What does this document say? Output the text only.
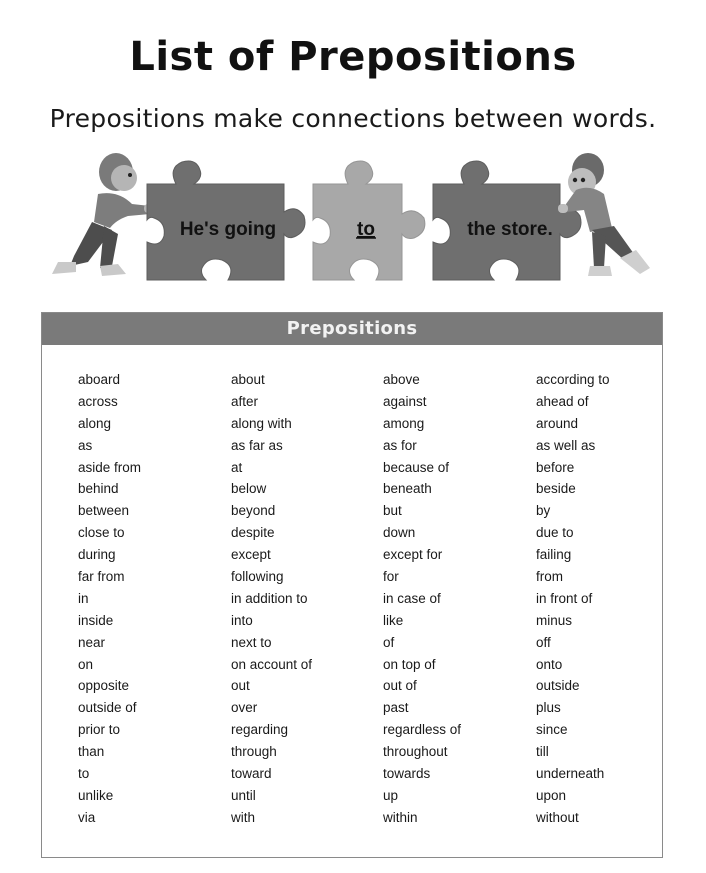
List of Prepositions
Prepositions make connections between words.
He's going	to	the store.
Prepositions
aboard
across
along
as
aside from
behind
between
close to
during
far from
in
inside
near
on
opposite
outside of
prior to
than
to
unlike
via
about
after
along with
as far as
at
below
beyond
despite
except
following
in addition to
into
next to
on account of
out
over
regarding
through
toward
until
with
above
against
among
as for
because of
beneath
but
down
except for
for
in case of
like
of
on top of
out of
past
regardless of
throughout
towards
up
within
according to
ahead of
around
as well as
before
beside
by
due to
failing
from
in front of
minus
off
onto
outside
plus
since
till
underneath
upon
without
